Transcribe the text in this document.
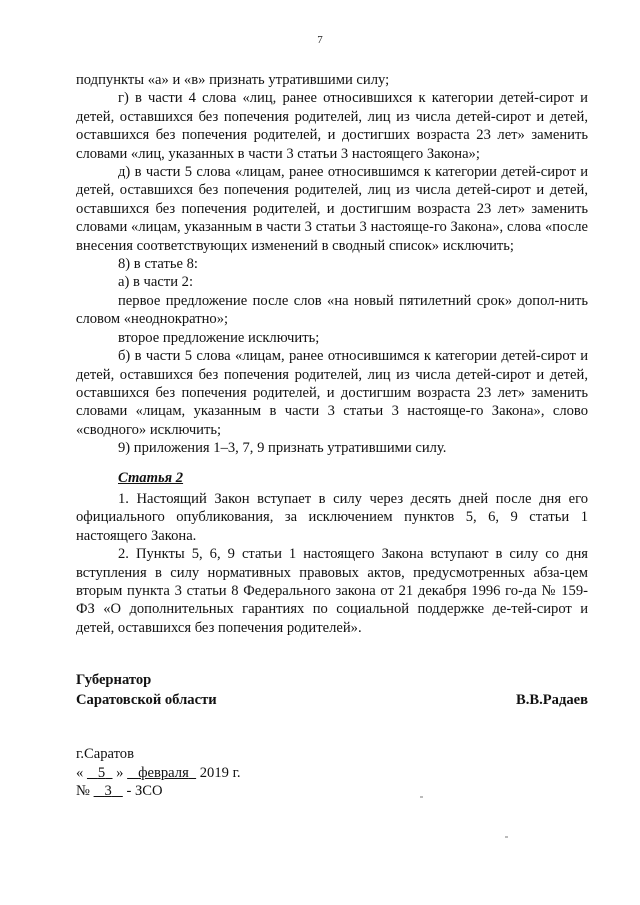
7

подпункты «а» и «в» признать утратившими силу;

г) в части 4 слова «лиц, ранее относившихся к категории детей-сирот и детей, оставшихся без попечения родителей, лиц из числа детей-сирот и детей, оставшихся без попечения родителей, и достигших возраста 23 лет» заменить словами «лиц, указанных в части 3 статьи 3 настоящего Закона»;

д) в части 5 слова «лицам, ранее относившимся к категории детей-сирот и детей, оставшихся без попечения родителей, лиц из числа детей-сирот и детей, оставшихся без попечения родителей, и достигшим возраста 23 лет» заменить словами «лицам, указанным в части 3 статьи 3 настояще-го Закона», слова «после внесения соответствующих изменений в сводный список» исключить;

8) в статье 8:

а) в части 2:

первое предложение после слов «на новый пятилетний срок» допол-нить словом «неоднократно»;

второе предложение исключить;

б) в части 5 слова «лицам, ранее относившимся к категории детей-сирот и детей, оставшихся без попечения родителей, лиц из числа детей-сирот и детей, оставшихся без попечения родителей, и достигшим возраста 23 лет» заменить словами «лицам, указанным в части 3 статьи 3 настояще-го Закона», слово «сводного» исключить;

9) приложения 1–3, 7, 9 признать утратившими силу.

Статья 2

1. Настоящий Закон вступает в силу через десять дней после дня его официального опубликования, за исключением пунктов 5, 6, 9 статьи 1 настоящего Закона.

2. Пункты 5, 6, 9 статьи 1 настоящего Закона вступают в силу со дня вступления в силу нормативных правовых актов, предусмотренных абза-цем вторым пункта 3 статьи 8 Федерального закона от 21 декабря 1996 го-да № 159-ФЗ «О дополнительных гарантиях по социальной поддержке де-тей-сирот и детей, оставшихся без попечения родителей».

Губернатор
Саратовской области	В.В.Радаев
г.Саратов
« 5 » февраля 2019 г.
№ 3 - ЗСО
